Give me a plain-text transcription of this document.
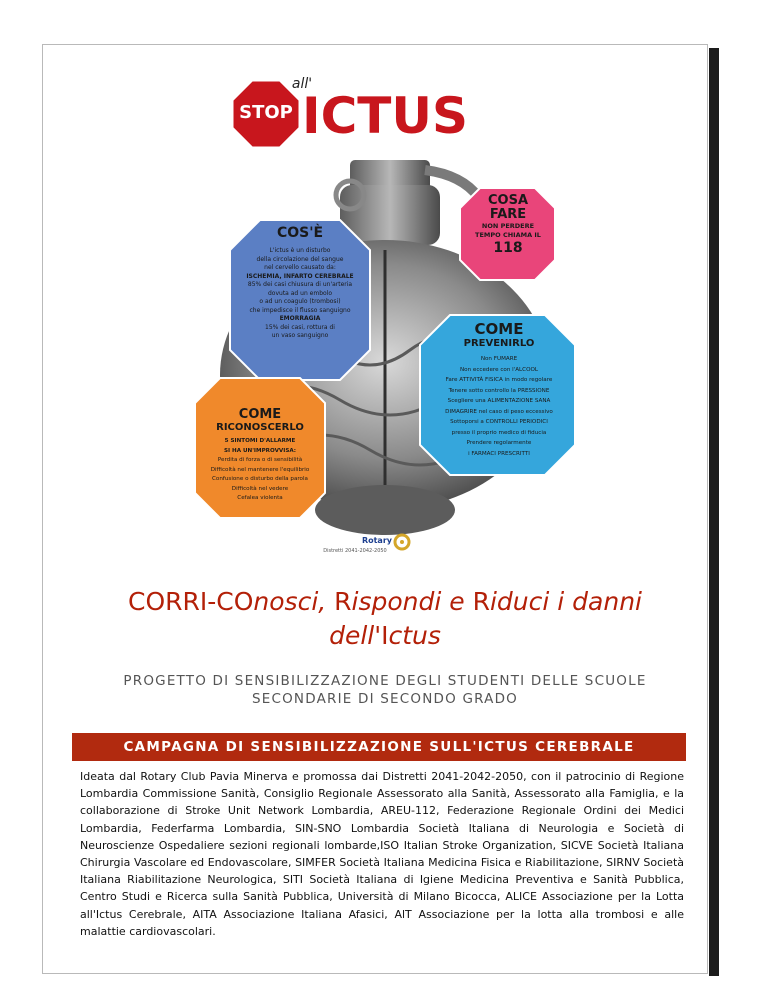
STOP
all'
ICTUS
COS'È
L'ictus è un disturbo
della circolazione del sangue
nel cervello causato da:
ISCHEMIA, INFARTO CEREBRALE
85% dei casi chiusura di un'arteria
dovuta ad un embolo
o ad un coagulo (trombosi)
che impedisce il flusso sanguigno
EMORRAGIA
15% dei casi, rottura di
un vaso sanguigno
COSA
FARE
NON PERDERE
TEMPO CHIAMA IL
118
COME
PREVENIRLO
Non FUMARE
Non eccedere con l'ALCOOL
Fare ATTIVITÀ FISICA in modo regolare
Tenere sotto controllo la PRESSIONE
Scegliere una ALIMENTAZIONE SANA
DIMAGRIRE nel caso di peso eccessivo
Sottoporsi a CONTROLLI PERIODICI
presso il proprio medico di fiducia
Prendere regolarmente
i FARMACI PRESCRITTI
COME
RICONOSCERLO
5 SINTOMI D'ALLARME
SI HA UN'IMPROVVISA:
Perdita di forza o di sensibilità
Difficoltà nel mantenere l'equilibrio
Confusione o disturbo della parola
Difficoltà nel vedere
Cefalea violenta
Rotary
Distretti 2041-2042-2050
CORRI-COnosci, Rispondi e Riduci i danni
dell'Ictus
PROGETTO DI SENSIBILIZZAZIONE DEGLI STUDENTI DELLE SCUOLE
SECONDARIE DI SECONDO GRADO
CAMPAGNA DI SENSIBILIZZAZIONE SULL'ICTUS CEREBRALE
Ideata dal Rotary Club Pavia Minerva e promossa dai Distretti 2041-2042-2050, con il patrocinio di Regione Lombardia Commissione Sanità, Consiglio Regionale Assessorato alla Sanità, Assessorato alla Famiglia, e la collaborazione di Stroke Unit Network Lombardia, AREU-112, Federazione Regionale Ordini dei Medici Lombardia, Federfarma Lombardia, SIN-SNO Lombardia Società Italiana di Neurologia e Società di Neuroscienze Ospedaliere sezioni regionali lombarde,ISO Italian Stroke Organization, SICVE Società Italiana Chirurgia Vascolare ed Endovascolare, SIMFER Società Italiana Medicina Fisica e Riabilitazione, SIRNV Società Italiana Riabilitazione Neurologica, SITI Società Italiana di Igiene Medicina Preventiva e Sanità Pubblica, Centro Studi e Ricerca sulla Sanità Pubblica, Università di Milano Bicocca, ALICE Associazione per la Lotta all'Ictus Cerebrale, AITA Associazione Italiana Afasici, AlT Associazione per la lotta alla trombosi e alle malattie cardiovascolari.
